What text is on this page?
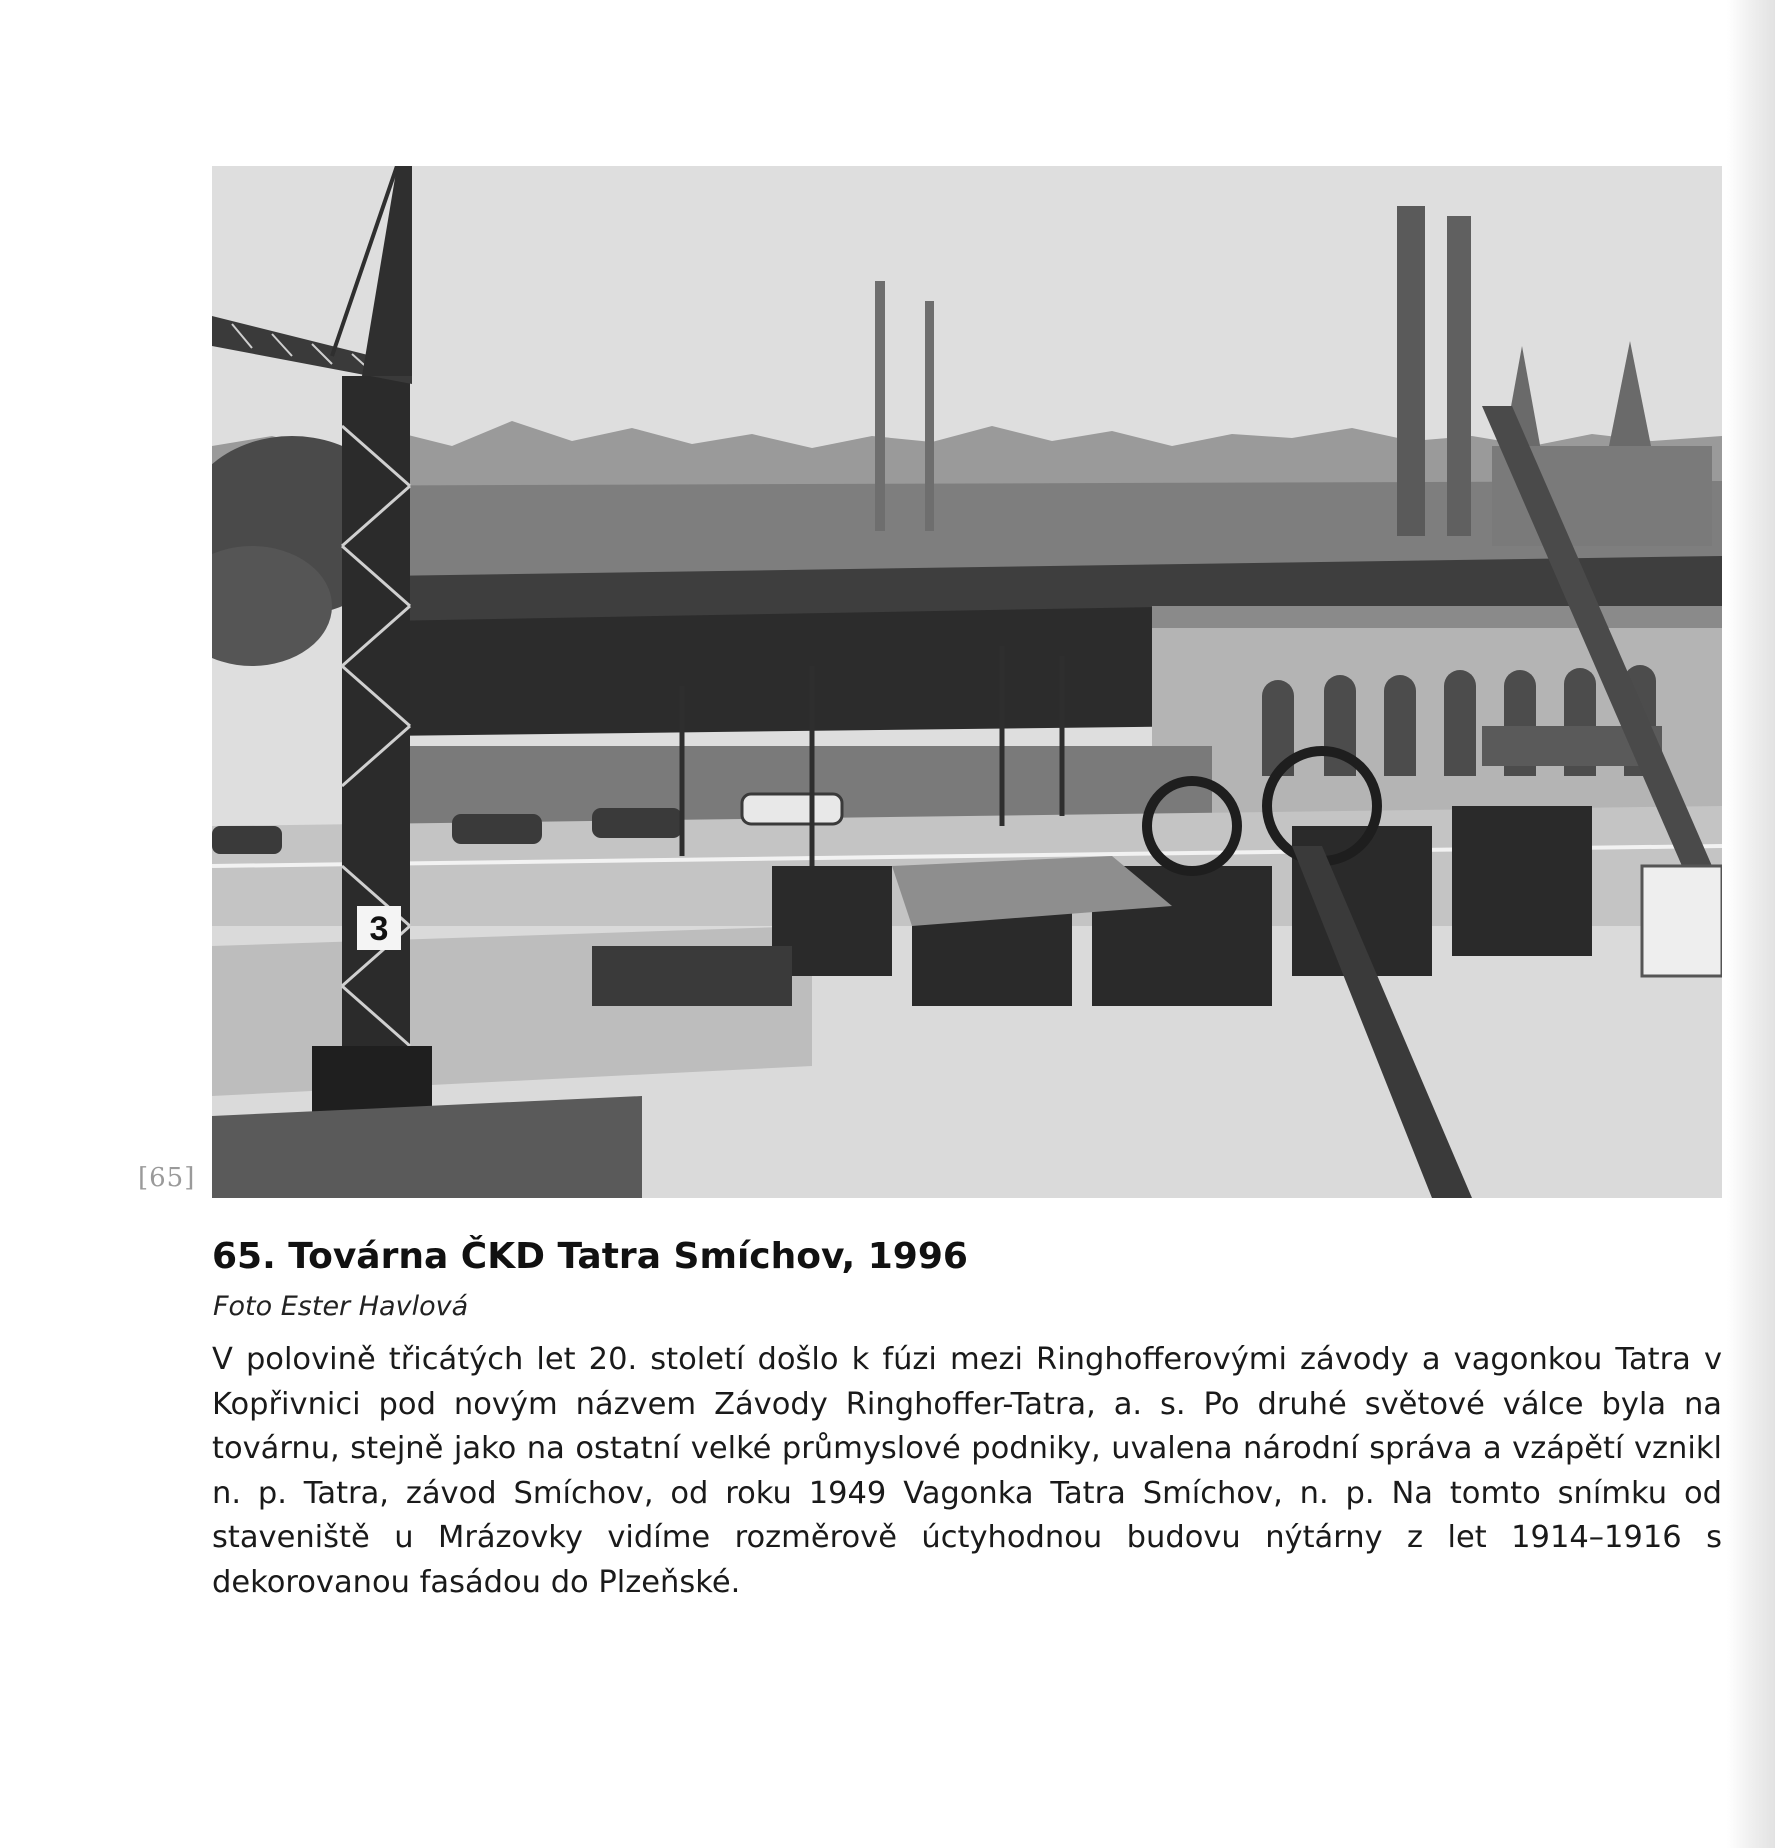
[65]
3
65. Továrna ČKD Tatra Smíchov, 1996
Foto Ester Havlová

V polovině třicátých let 20. století došlo k fúzi mezi Ringhofferovými závody a vagonkou Tatra v Kopřivnici pod novým názvem Závody Ringhoffer-Tatra, a. s. Po druhé světové válce byla na továrnu, stejně jako na ostatní velké průmyslové podniky, uvalena národní správa a vzápětí vznikl n. p. Tatra, závod Smíchov, od roku 1949 Vagonka Tatra Smíchov, n. p. Na tomto snímku od staveniště u Mrázovky vidíme rozměrově úctyhodnou budovu nýtárny z let 1914–1916 s dekorovanou fasádou do Plzeňské.
